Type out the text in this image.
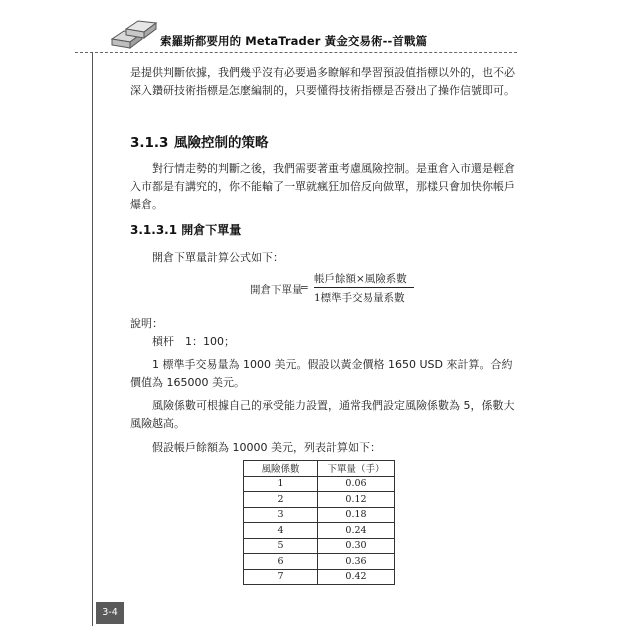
索羅斯都要用的 MetaTrader 黃金交易術--首戰篇

是提供判斷依據，我們幾乎沒有必要過多瞭解和學習預設值指標以外的，也不必深入鑽研技術指標是怎麼編制的，只要懂得技術指標是否發出了操作信號即可。

3.1.3 風險控制的策略

對行情走勢的判斷之後，我們需要著重考慮風險控制。是重倉入市還是輕倉入市都是有講究的，你不能輸了一單就瘋狂加倍反向做單，那樣只會加快你帳戶爆倉。

3.1.3.1 開倉下單量
開倉下單量計算公式如下：
開倉下單量
=
帳戶餘額×風險系數
1標準手交易量系數
說明：
槓杆　1：100；

1 標準手交易量為 1000 美元。假設以黃金價格 1650 USD 來計算。合約價值為 165000 美元。

風險係數可根據自己的承受能力設置，通常我們設定風險係數為 5，係數大風險越高。

假設帳戶餘額為 10000 美元，列表計算如下：
風險係數	下單量（手）
1	0.06
2	0.12
3	0.18
4	0.24
5	0.30
6	0.36
7	0.42
3-4
